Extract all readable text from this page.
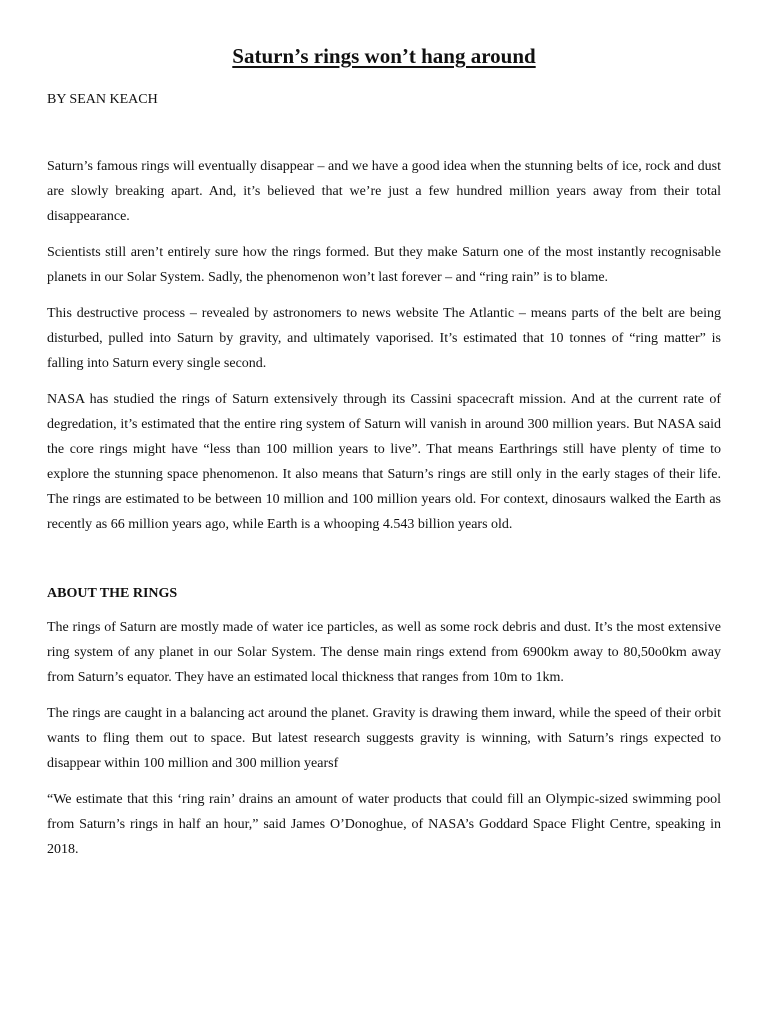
Saturn’s rings won’t hang around

BY SEAN KEACH

Saturn’s famous rings will eventually disappear – and we have a good idea when the stunning belts of ice, rock and dust are slowly breaking apart. And, it’s believed that we’re just a few hundred million years away from their total disappearance.

Scientists still aren’t entirely sure how the rings formed. But they make Saturn one of the most instantly recognisable planets in our Solar System. Sadly, the phenomenon won’t last forever – and “ring rain” is to blame.

This destructive process – revealed by astronomers to news website The Atlantic – means parts of the belt are being disturbed, pulled into Saturn by gravity, and ultimately vaporised. It’s estimated that 10 tonnes of “ring matter” is falling into Saturn every single second.

NASA has studied the rings of Saturn extensively through its Cassini spacecraft mission. And at the current rate of degredation, it’s estimated that the entire ring system of Saturn will vanish in around 300 million years. But NASA said the core rings might have “less than 100 million years to live”. That means Earthrings still have plenty of time to explore the stunning space phenomenon. It also means that Saturn’s rings are still only in the early stages of their life. The rings are estimated to be between 10 million and 100 million years old. For context, dinosaurs walked the Earth as recently as 66 million years ago, while Earth is a whooping 4.543 billion years old.

ABOUT THE RINGS

The rings of Saturn are mostly made of water ice particles, as well as some rock debris and dust. It’s the most extensive ring system of any planet in our Solar System. The dense main rings extend from 6900km away to 80,50o0km away from Saturn’s equator. They have an estimated local thickness that ranges from 10m to 1km.

The rings are caught in a balancing act around the planet. Gravity is drawing them inward, while the speed of their orbit wants to fling them out to space. But latest research suggests gravity is winning, with Saturn’s rings expected to disappear within 100 million and 300 million yearsf

“We estimate that this ‘ring rain’ drains an amount of water products that could fill an Olympic-sized swimming pool from Saturn’s rings in half an hour,” said James O’Donoghue, of NASA’s Goddard Space Flight Centre, speaking in 2018.
